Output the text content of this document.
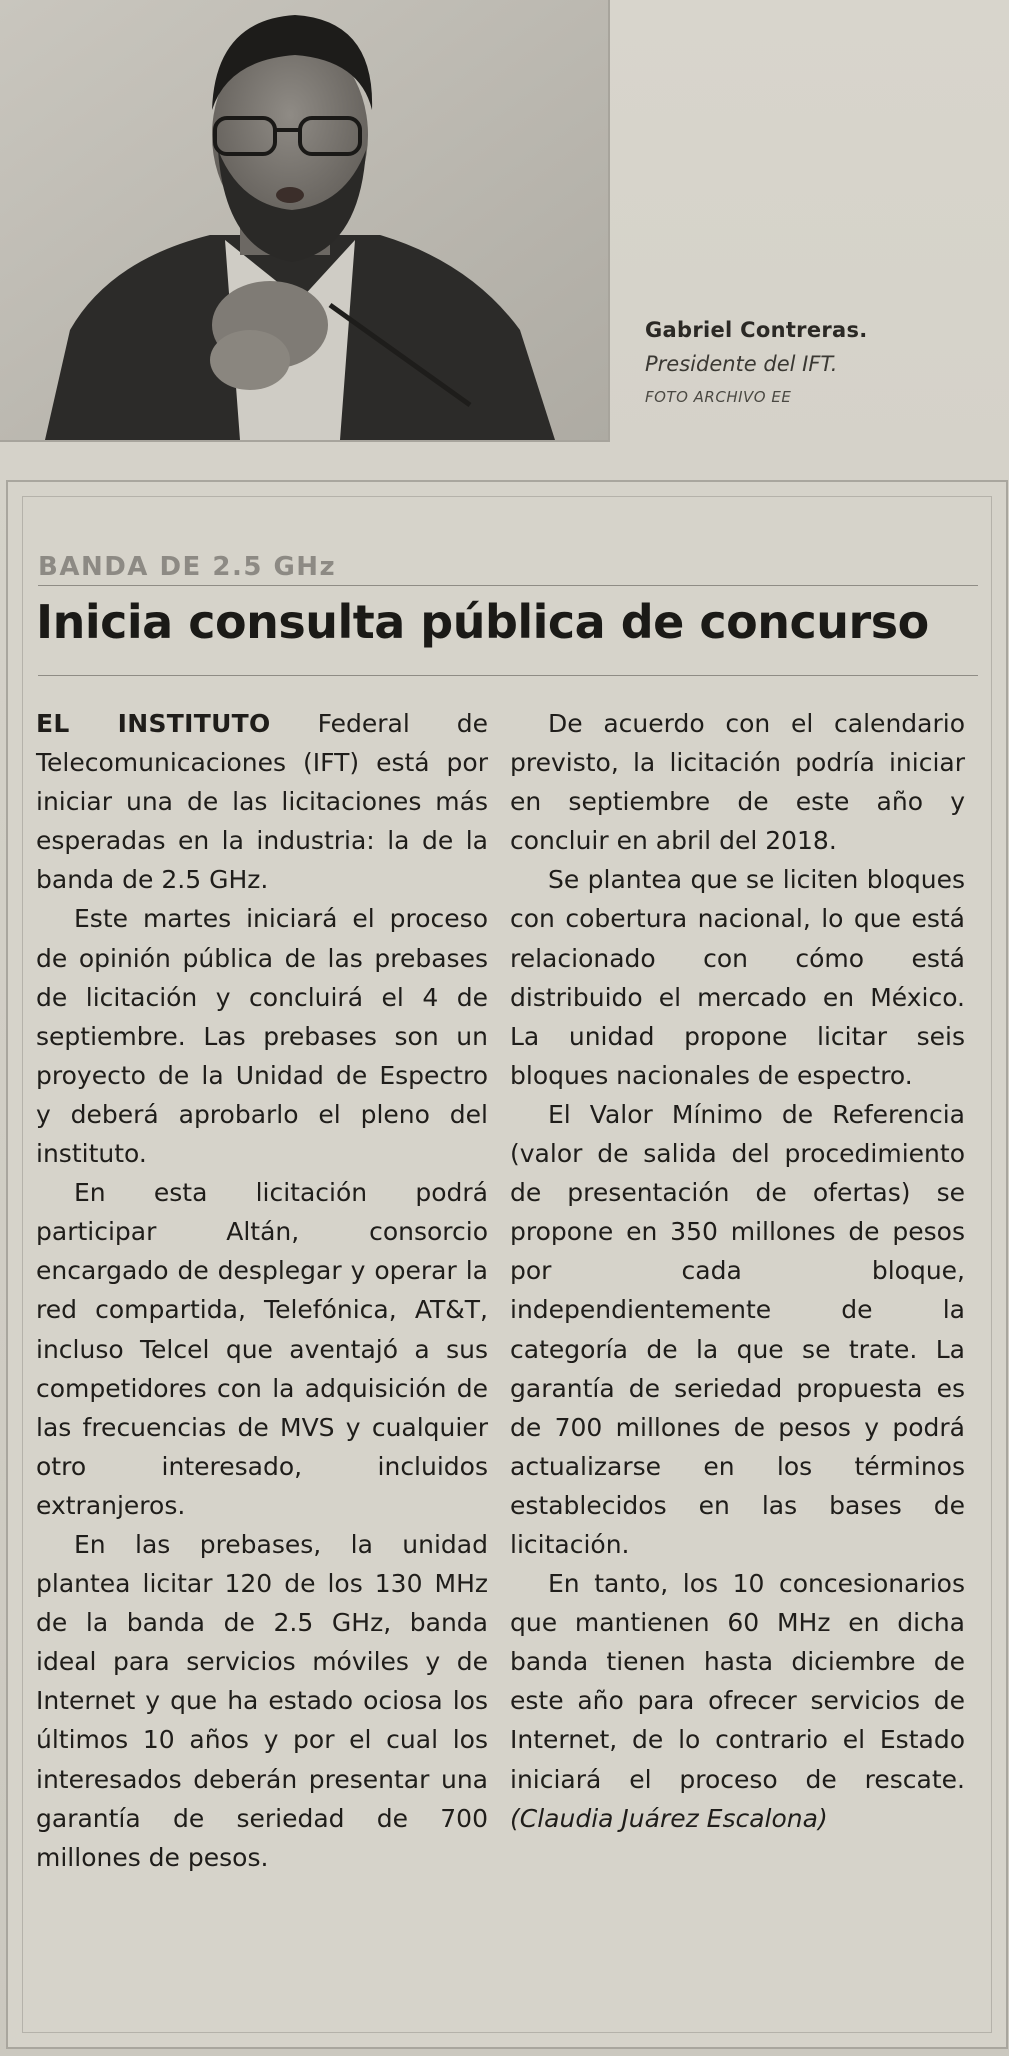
Gabriel Contreras.
Presidente del IFT.
FOTO ARCHIVO EE
BANDA DE 2.5 GHz
Inicia consulta pública de concurso

EL INSTITUTO Federal de Telecomunicaciones (IFT) está por iniciar una de las licitaciones más esperadas en la industria: la de la banda de 2.5 GHz.

Este martes iniciará el proceso de opinión pública de las prebases de licitación y concluirá el 4 de septiembre. Las prebases son un proyecto de la Unidad de Espectro y deberá aprobarlo el pleno del instituto.

En esta licitación podrá participar Altán, consorcio encargado de desplegar y operar la red compartida, Telefónica, AT&T, incluso Telcel que aventajó a sus competidores con la adquisición de las frecuencias de MVS y cualquier otro interesado, incluidos extranjeros.

En las prebases, la unidad plantea licitar 120 de los 130 MHz de la banda de 2.5 GHz, banda ideal para servicios móviles y de Internet y que ha estado ociosa los últimos 10 años y por el cual los interesados deberán presentar una garantía de seriedad de 700 millones de pesos.

De acuerdo con el calendario previsto, la licitación podría iniciar en septiembre de este año y concluir en abril del 2018.

Se plantea que se liciten bloques con cobertura nacional, lo que está relacionado con cómo está distribuido el mercado en México. La unidad propone licitar seis bloques nacionales de espectro.

El Valor Mínimo de Referencia (valor de salida del procedimiento de presentación de ofertas) se propone en 350 millones de pesos por cada bloque, independientemente de la categoría de la que se trate. La garantía de seriedad propuesta es de 700 millones de pesos y podrá actualizarse en los términos establecidos en las bases de licitación.

En tanto, los 10 concesionarios que mantienen 60 MHz en dicha banda tienen hasta diciembre de este año para ofrecer servicios de Internet, de lo contrario el Estado iniciará el proceso de rescate. (Claudia Juárez Escalona)
